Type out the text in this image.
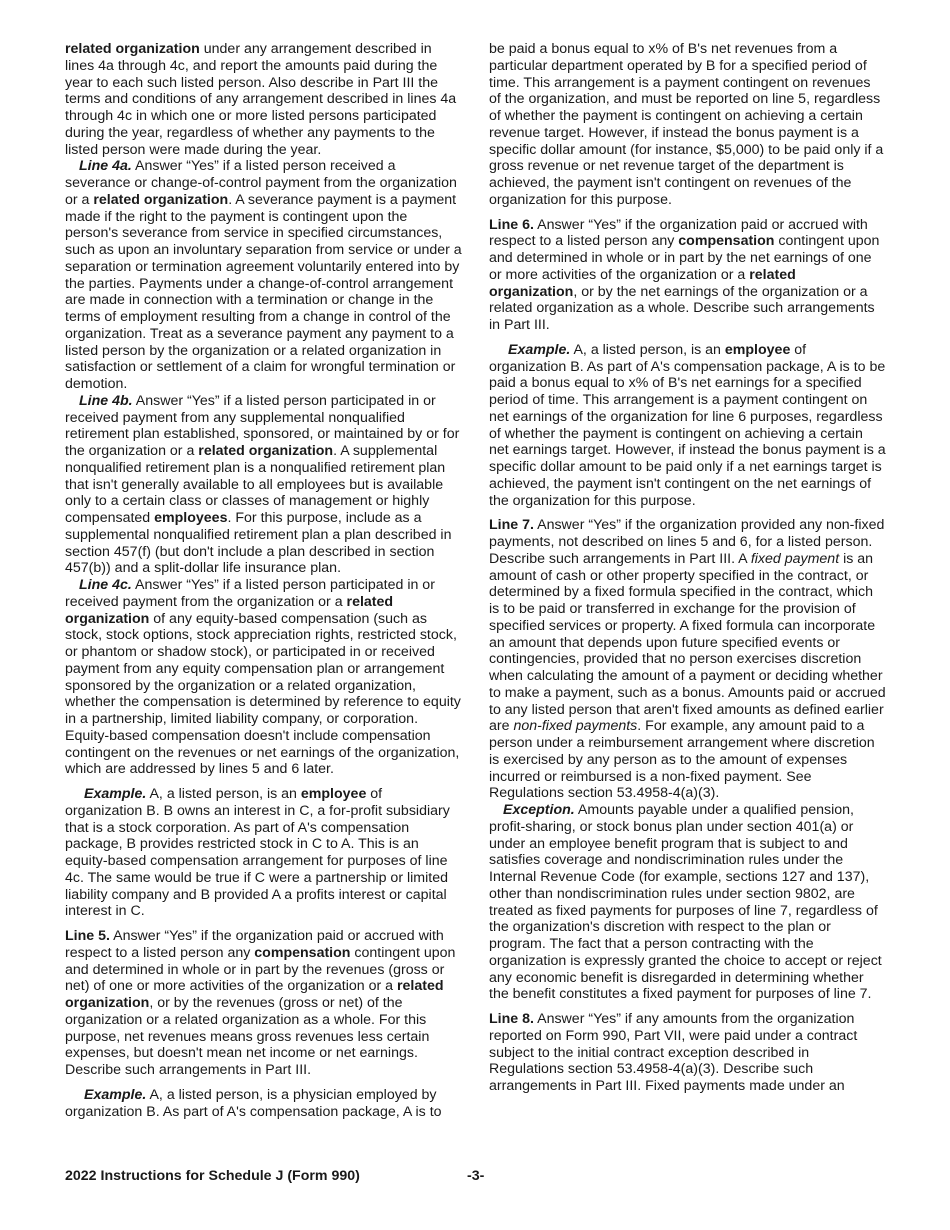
related organization under any arrangement described in lines 4a through 4c, and report the amounts paid during the year to each such listed person. Also describe in Part III the terms and conditions of any arrangement described in lines 4a through 4c in which one or more listed persons participated during the year, regardless of whether any payments to the listed person were made during the year.

Line 4a. Answer “Yes” if a listed person received a severance or change-of-control payment from the organization or a related organization. A severance payment is a payment made if the right to the payment is contingent upon the person's severance from service in specified circumstances, such as upon an involuntary separation from service or under a separation or termination agreement voluntarily entered into by the parties. Payments under a change-of-control arrangement are made in connection with a termination or change in the terms of employment resulting from a change in control of the organization. Treat as a severance payment any payment to a listed person by the organization or a related organization in satisfaction or settlement of a claim for wrongful termination or demotion.

Line 4b. Answer “Yes” if a listed person participated in or received payment from any supplemental nonqualified retirement plan established, sponsored, or maintained by or for the organization or a related organization. A supplemental nonqualified retirement plan is a nonqualified retirement plan that isn't generally available to all employees but is available only to a certain class or classes of management or highly compensated employees. For this purpose, include as a supplemental nonqualified retirement plan a plan described in section 457(f) (but don't include a plan described in section 457(b)) and a split-dollar life insurance plan.

Line 4c. Answer “Yes” if a listed person participated in or received payment from the organization or a related organization of any equity-based compensation (such as stock, stock options, stock appreciation rights, restricted stock, or phantom or shadow stock), or participated in or received payment from any equity compensation plan or arrangement sponsored by the organization or a related organization, whether the compensation is determined by reference to equity in a partnership, limited liability company, or corporation. Equity-based compensation doesn't include compensation contingent on the revenues or net earnings of the organization, which are addressed by lines 5 and 6 later.

Example. A, a listed person, is an employee of organization B. B owns an interest in C, a for-profit subsidiary that is a stock corporation. As part of A's compensation package, B provides restricted stock in C to A. This is an equity-based compensation arrangement for purposes of line 4c. The same would be true if C were a partnership or limited liability company and B provided A a profits interest or capital interest in C.

Line 5. Answer “Yes” if the organization paid or accrued with respect to a listed person any compensation contingent upon and determined in whole or in part by the revenues (gross or net) of one or more activities of the organization or a related organization, or by the revenues (gross or net) of the organization or a related organization as a whole. For this purpose, net revenues means gross revenues less certain expenses, but doesn't mean net income or net earnings. Describe such arrangements in Part III.

Example. A, a listed person, is a physician employed by organization B. As part of A's compensation package, A is to

be paid a bonus equal to x% of B's net revenues from a particular department operated by B for a specified period of time. This arrangement is a payment contingent on revenues of the organization, and must be reported on line 5, regardless of whether the payment is contingent on achieving a certain revenue target. However, if instead the bonus payment is a specific dollar amount (for instance, $5,000) to be paid only if a gross revenue or net revenue target of the department is achieved, the payment isn't contingent on revenues of the organization for this purpose.

Line 6. Answer “Yes” if the organization paid or accrued with respect to a listed person any compensation contingent upon and determined in whole or in part by the net earnings of one or more activities of the organization or a related organization, or by the net earnings of the organization or a related organization as a whole. Describe such arrangements in Part III.

Example. A, a listed person, is an employee of organization B. As part of A's compensation package, A is to be paid a bonus equal to x% of B's net earnings for a specified period of time. This arrangement is a payment contingent on net earnings of the organization for line 6 purposes, regardless of whether the payment is contingent on achieving a certain net earnings target. However, if instead the bonus payment is a specific dollar amount to be paid only if a net earnings target is achieved, the payment isn't contingent on the net earnings of the organization for this purpose.

Line 7. Answer “Yes” if the organization provided any non-fixed payments, not described on lines 5 and 6, for a listed person. Describe such arrangements in Part III. A fixed payment is an amount of cash or other property specified in the contract, or determined by a fixed formula specified in the contract, which is to be paid or transferred in exchange for the provision of specified services or property. A fixed formula can incorporate an amount that depends upon future specified events or contingencies, provided that no person exercises discretion when calculating the amount of a payment or deciding whether to make a payment, such as a bonus. Amounts paid or accrued to any listed person that aren't fixed amounts as defined earlier are non-fixed payments. For example, any amount paid to a person under a reimbursement arrangement where discretion is exercised by any person as to the amount of expenses incurred or reimbursed is a non-fixed payment. See Regulations section 53.4958-4(a)(3).

Exception. Amounts payable under a qualified pension, profit-sharing, or stock bonus plan under section 401(a) or under an employee benefit program that is subject to and satisfies coverage and nondiscrimination rules under the Internal Revenue Code (for example, sections 127 and 137), other than nondiscrimination rules under section 9802, are treated as fixed payments for purposes of line 7, regardless of the organization's discretion with respect to the plan or program. The fact that a person contracting with the organization is expressly granted the choice to accept or reject any economic benefit is disregarded in determining whether the benefit constitutes a fixed payment for purposes of line 7.

Line 8. Answer “Yes” if any amounts from the organization reported on Form 990, Part VII, were paid under a contract subject to the initial contract exception described in Regulations section 53.4958-4(a)(3). Describe such arrangements in Part III. Fixed payments made under an

2022 Instructions for Schedule J (Form 990)	-3-
